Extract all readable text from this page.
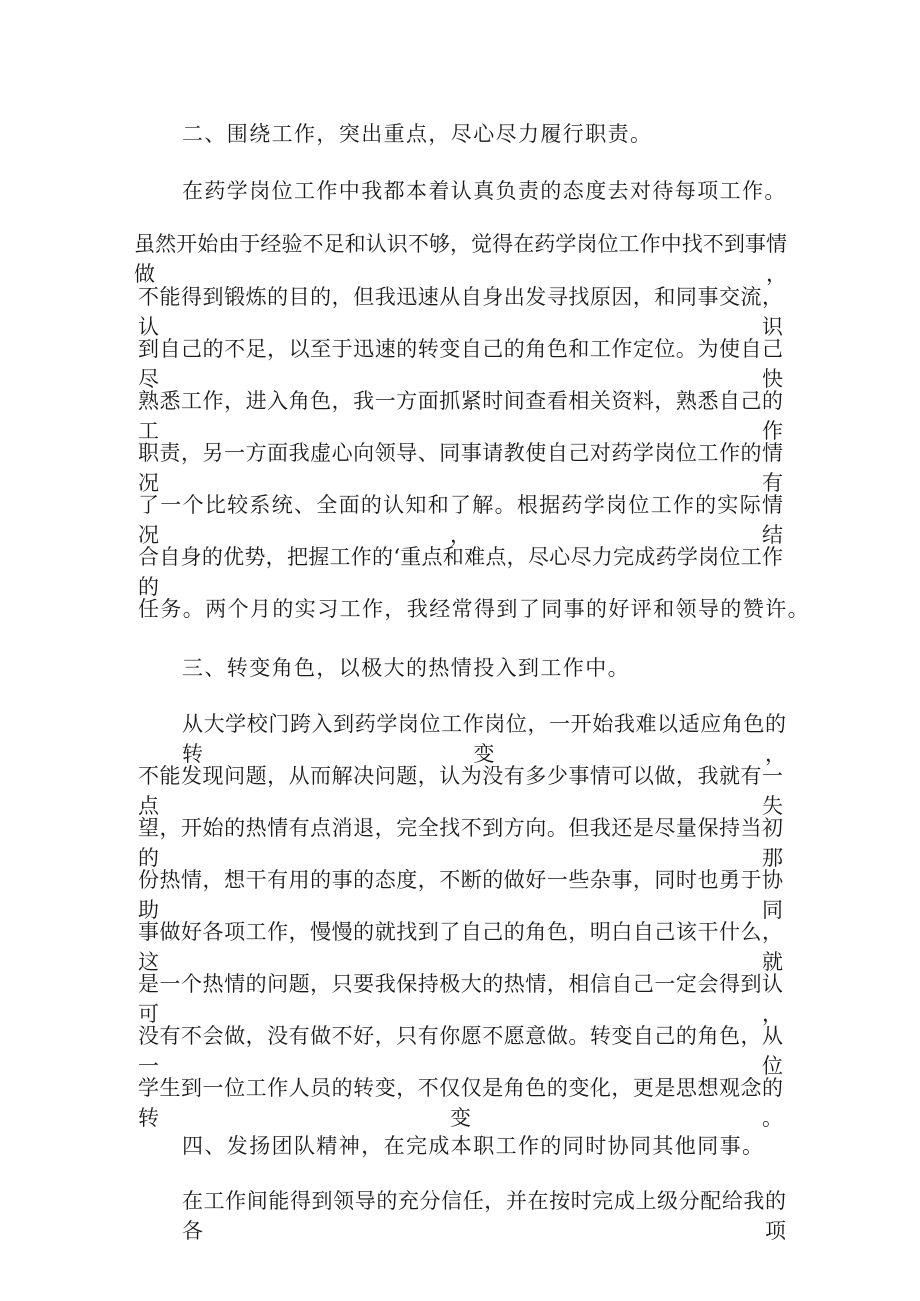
二、围绕工作，突出重点，尽心尽力履行职责。
在药学岗位工作中我都本着认真负责的态度去对待每项工作。
虽然开始由于经验不足和认识不够，觉得在药学岗位工作中找不到事情做，
不能得到锻炼的目的，但我迅速从自身出发寻找原因，和同事交流，认识
到自己的不足，以至于迅速的转变自己的角色和工作定位。为使自己尽快
熟悉工作，进入角色，我一方面抓紧时间查看相关资料，熟悉自己的工作
职责，另一方面我虚心向领导、同事请教使自己对药学岗位工作的情况有
了一个比较系统、全面的认知和了解。根据药学岗位工作的实际情况，结
合自身的优势，把握工作的‘重点和难点，尽心尽力完成药学岗位工作的
任务。两个月的实习工作，我经常得到了同事的好评和领导的赞许。
三、转变角色，以极大的热情投入到工作中。
从大学校门跨入到药学岗位工作岗位，一开始我难以适应角色的转变，
不能发现问题，从而解决问题，认为没有多少事情可以做，我就有一点失
望，开始的热情有点消退，完全找不到方向。但我还是尽量保持当初的那
份热情，想干有用的事的态度，不断的做好一些杂事，同时也勇于协助同
事做好各项工作，慢慢的就找到了自己的角色，明白自己该干什么，这就
是一个热情的问题，只要我保持极大的热情，相信自己一定会得到认可，
没有不会做，没有做不好，只有你愿不愿意做。转变自己的角色，从一位
学生到一位工作人员的转变，不仅仅是角色的变化，更是思想观念的转变。
四、发扬团队精神，在完成本职工作的同时协同其他同事。
在工作间能得到领导的充分信任，并在按时完成上级分配给我的各项
